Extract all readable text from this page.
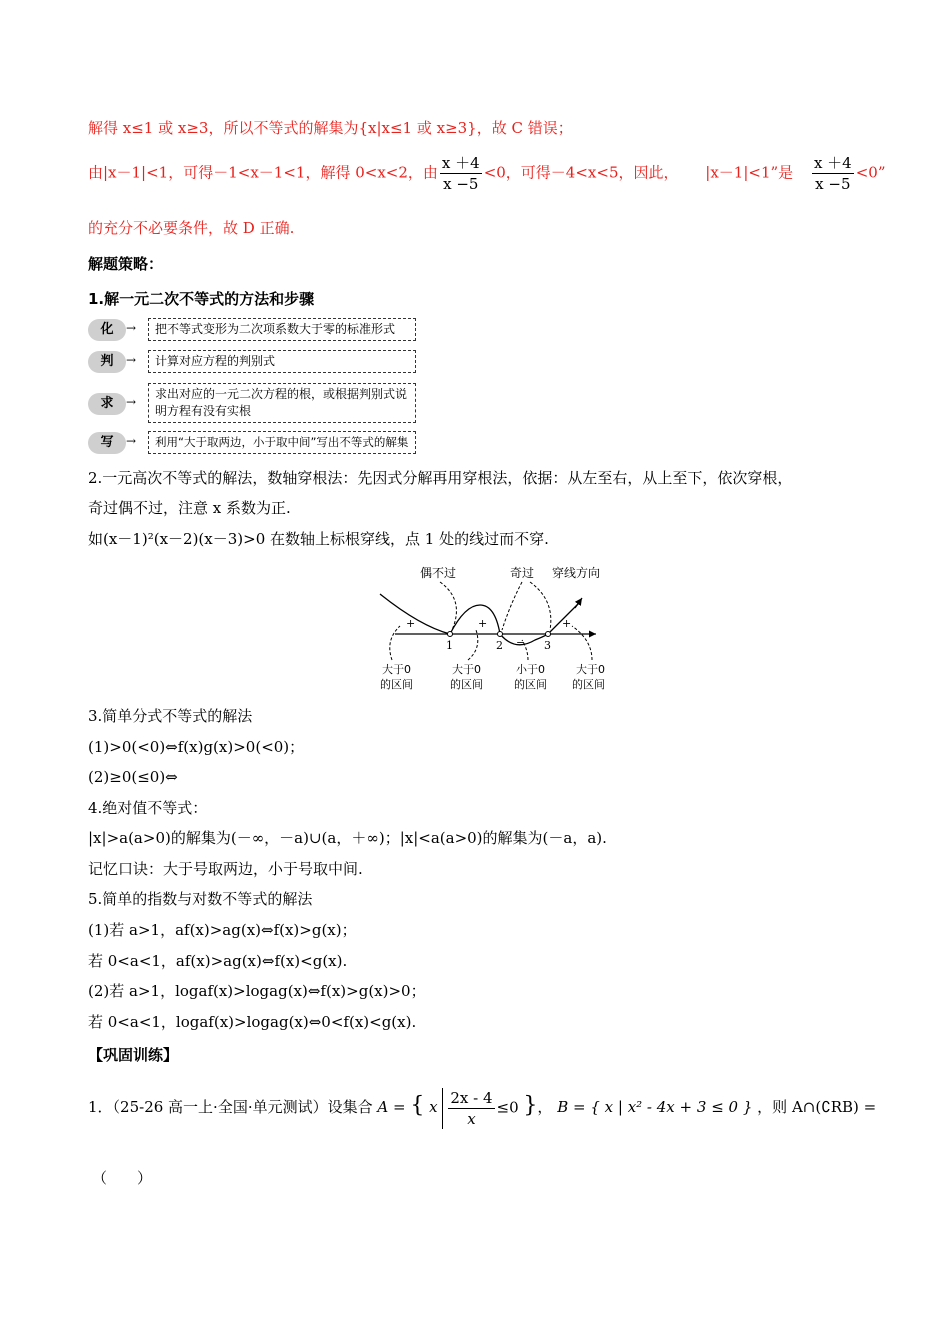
解得 x≤1 或 x≥3，所以不等式的解集为{x|x≤1 或 x≥3}，故 C 错误；
由|x－1|<1，可得－1<x－1<1，解得 0<x<2，由 $\frac{x +4}{x -5} <0$，可得－4<x<5，因此， |x－1|<1”是 $\frac{x +4}{x -5} <0$”
的充分不必要条件，故 D 正确.
解题策略：
1.解一元二次不等式的方法和步骤
化	→	把不等式变形为二次项系数大于零的标准形式
判	→	计算对应方程的判别式
求	→
求出对应的一元二次方程的根，或根据判别式说明方程有没有实根
写	→	利用“大于取两边，小于取中间”写出不等式的解集
2.一元高次不等式的解法，数轴穿根法：先因式分解再用穿根法，依据：从左至右，从上至下，依次穿根，
奇过偶不过，注意 x 系数为正.
如(x－1)²(x－2)(x－3)>0 在数轴上标根穿线，点 1 处的线过而不穿.
1	2	3
+	+
−
+
偶不过	奇过 穿线方向
大于0
的区间
大于0
的区间
小于0
的区间
大于0
的区间
3.简单分式不等式的解法
(1)>0(<0)⇔f(x)g(x)>0(<0)；
(2)≥0(≤0)⇔
4.绝对值不等式：
|x|>a(a>0)的解集为(－∞，－a)∪(a，＋∞)；|x|<a(a>0)的解集为(－a，a).
记忆口诀：大于号取两边，小于号取中间.
5.简单的指数与对数不等式的解法
(1)若 a>1，af(x)>ag(x)⇔f(x)>g(x)；
若 0<a<1，af(x)>ag(x)⇔f(x)<g(x).
(2)若 a>1，logaf(x)>logag(x)⇔f(x)>g(x)>0；
若 0<a<1，logaf(x)>logag(x)⇔0<f(x)<g(x).
【巩固训练】
1．（25-26 高一上·全国·单元测试）设集合 A = { x $\frac{2x - 4}{x} \le 0$ }， B = { x | x² - 4x + 3 ≤ 0 } ，则 A∩(∁RB) =
（　　）
